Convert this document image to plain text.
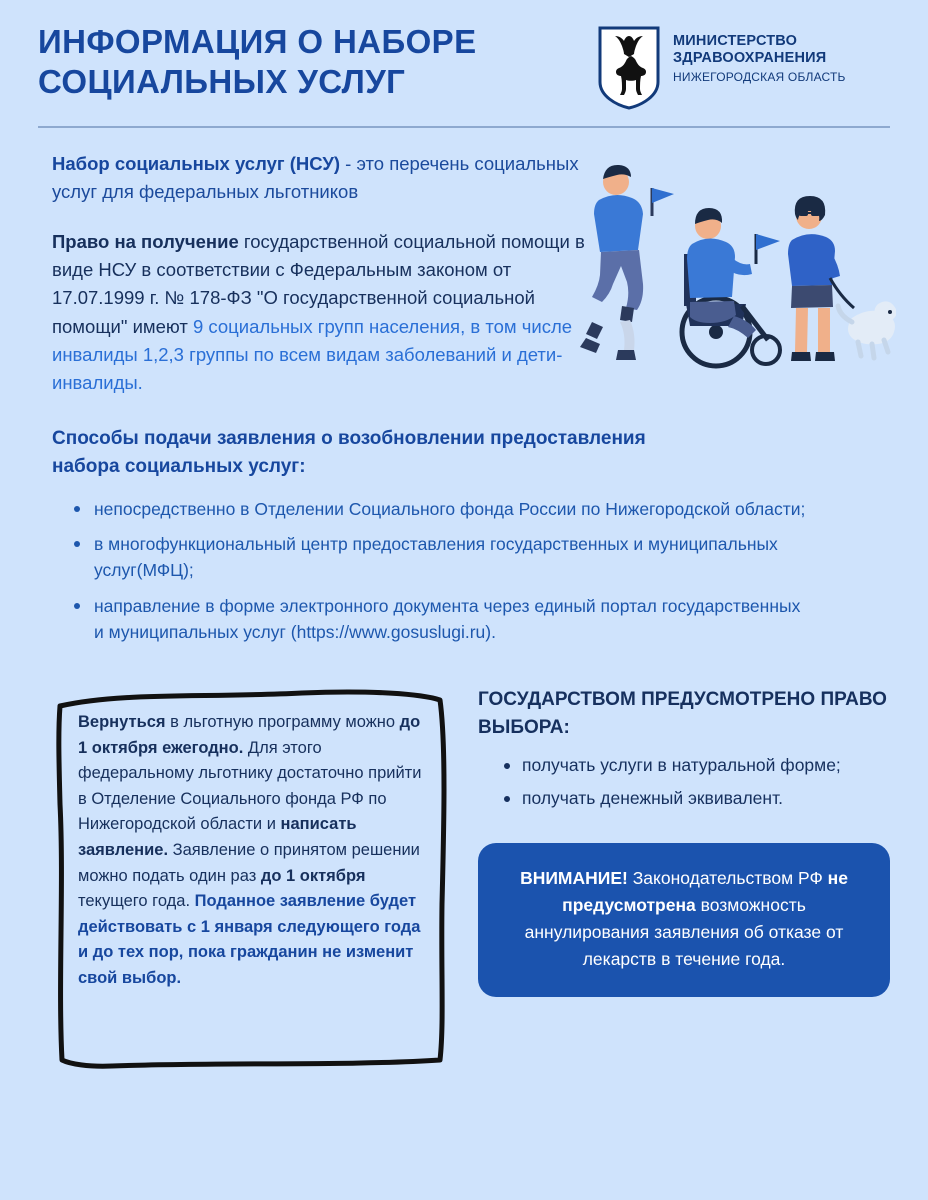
ИНФОРМАЦИЯ О НАБОРЕ СОЦИАЛЬНЫХ УСЛУГ
МИНИСТЕРСТВО ЗДРАВООХРАНЕНИЯ
НИЖЕГОРОДСКАЯ ОБЛАСТЬ

Набор социальных услуг (НСУ) - это перечень социальных услуг для федеральных льготников

Право на получение государственной социальной помощи в виде НСУ в соответствии с Федеральным законом от 17.07.1999 г. № 178-ФЗ "О государственной социальной помощи" имеют 9 социальных групп населения, в том числе инвалиды 1,2,3 группы по всем видам заболеваний и дети-инвалиды.

Способы подачи заявления о возобновлении предоставления набора социальных услуг:
непосредственно в Отделении Социального фонда России по Нижегородской области;
в многофункциональный центр предоставления государственных и муниципальных услуг(МФЦ);
направление в форме электронного документа через единый портал государственных и муниципальных услуг (https://www.gosuslugi.ru).
Вернуться в льготную программу можно до 1 октября ежегодно. Для этого федеральному льготнику достаточно прийти в Отделение Социального фонда РФ по Нижегородской области и написать заявление. Заявление о принятом решении можно подать один раз до 1 октября текущего года. Поданное заявление будет действовать с 1 января следующего года и до тех пор, пока гражданин не изменит свой выбор.
ГОСУДАРСТВОМ ПРЕДУСМОТРЕНО ПРАВО ВЫБОРА:
получать услуги в натуральной форме;
получать денежный эквивалент.
ВНИМАНИЕ! Законодательством РФ не предусмотрена возможность аннулирования заявления об отказе от лекарств в течение года.
